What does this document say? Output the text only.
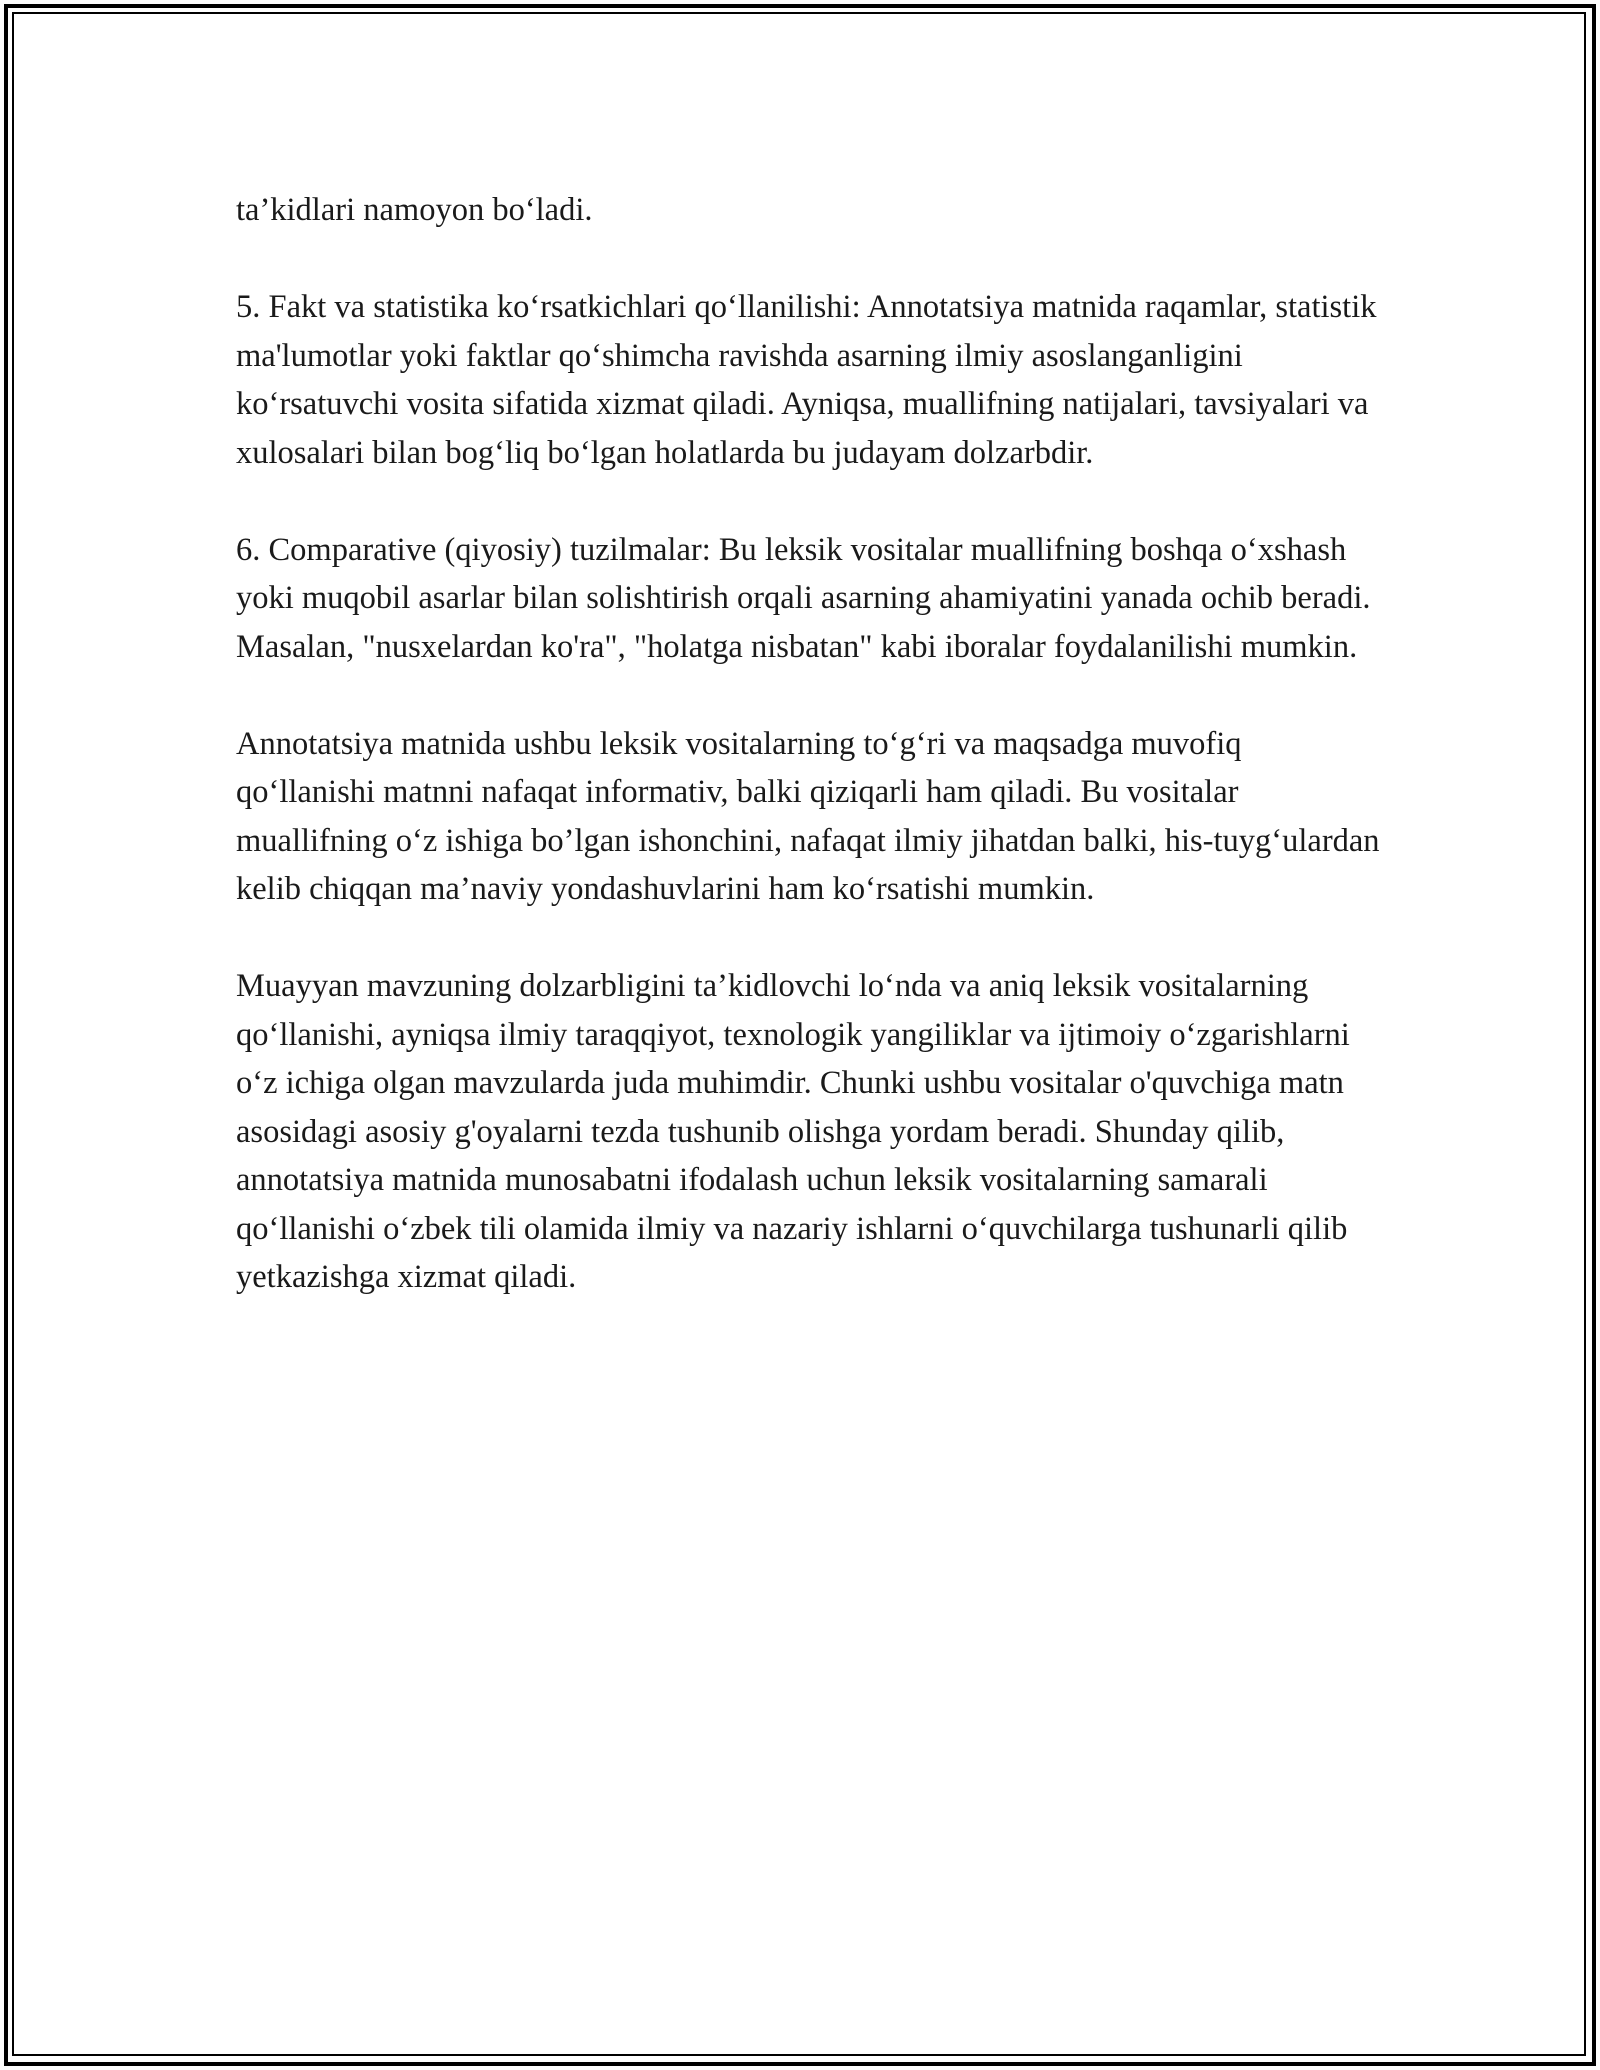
ta’kidlari namoyon bo‘ladi.

5. Fakt va statistika ko‘rsatkichlari qo‘llanilishi: Annotatsiya matnida raqamlar, statistik ma'lumotlar yoki faktlar qo‘shimcha ravishda asarning ilmiy asoslanganligini ko‘rsatuvchi vosita sifatida xizmat qiladi. Ayniqsa, muallifning natijalari, tavsiyalari va xulosalari bilan bog‘liq bo‘lgan holatlarda bu judayam dolzarbdir.

6. Comparative (qiyosiy) tuzilmalar: Bu leksik vositalar muallifning boshqa o‘xshash yoki muqobil asarlar bilan solishtirish orqali asarning ahamiyatini yanada ochib beradi. Masalan, "nusxelardan ko'ra", "holatga nisbatan" kabi iboralar foydalanilishi mumkin.

Annotatsiya matnida ushbu leksik vositalarning to‘g‘ri va maqsadga muvofiq qo‘llanishi matnni nafaqat informativ, balki qiziqarli ham qiladi. Bu vositalar muallifning o‘z ishiga bo’lgan ishonchini, nafaqat ilmiy jihatdan balki, his-tuyg‘ulardan kelib chiqqan ma’naviy yondashuvlarini ham ko‘rsatishi mumkin.

Muayyan mavzuning dolzarbligini ta’kidlovchi lo‘nda va aniq leksik vositalarning qo‘llanishi, ayniqsa ilmiy taraqqiyot, texnologik yangiliklar va ijtimoiy o‘zgarishlarni o‘z ichiga olgan mavzularda juda muhimdir. Chunki ushbu vositalar o'quvchiga matn asosidagi asosiy g'oyalarni tezda tushunib olishga yordam beradi. Shunday qilib, annotatsiya matnida munosabatni ifodalash uchun leksik vositalarning samarali qo‘llanishi o‘zbek tili olamida ilmiy va nazariy ishlarni o‘quvchilarga tushunarli qilib yetkazishga xizmat qiladi.
